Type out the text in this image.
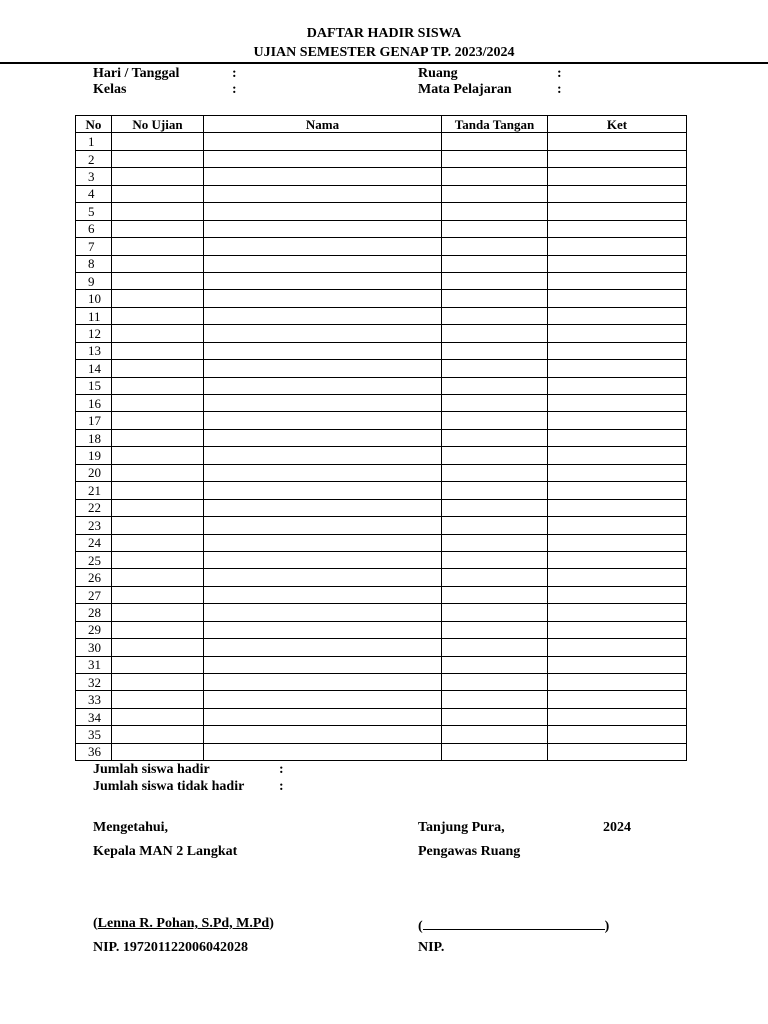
DAFTAR HADIR SISWA
UJIAN SEMESTER GENAP TP. 2023/2024
Hari / Tanggal	:	Ruang	:
Kelas	:	Mata Pelajaran	:
No	No Ujian	Nama	Tanda Tangan	Ket
1				
2				
3				
4				
5				
6				
7				
8				
9				
10				
11				
12				
13				
14				
15				
16				
17				
18				
19				
20				
21				
22				
23				
24				
25				
26				
27				
28				
29				
30				
31				
32				
33				
34				
35				
36				
Jumlah siswa hadir	:
Jumlah siswa tidak hadir :
Mengetahui,	Tanjung Pura,	2024
Kepala MAN 2 Langkat	Pengawas Ruang
(Lenna R. Pohan, S.Pd, M.Pd)	(	)
NIP. 197201122006042028	NIP.
